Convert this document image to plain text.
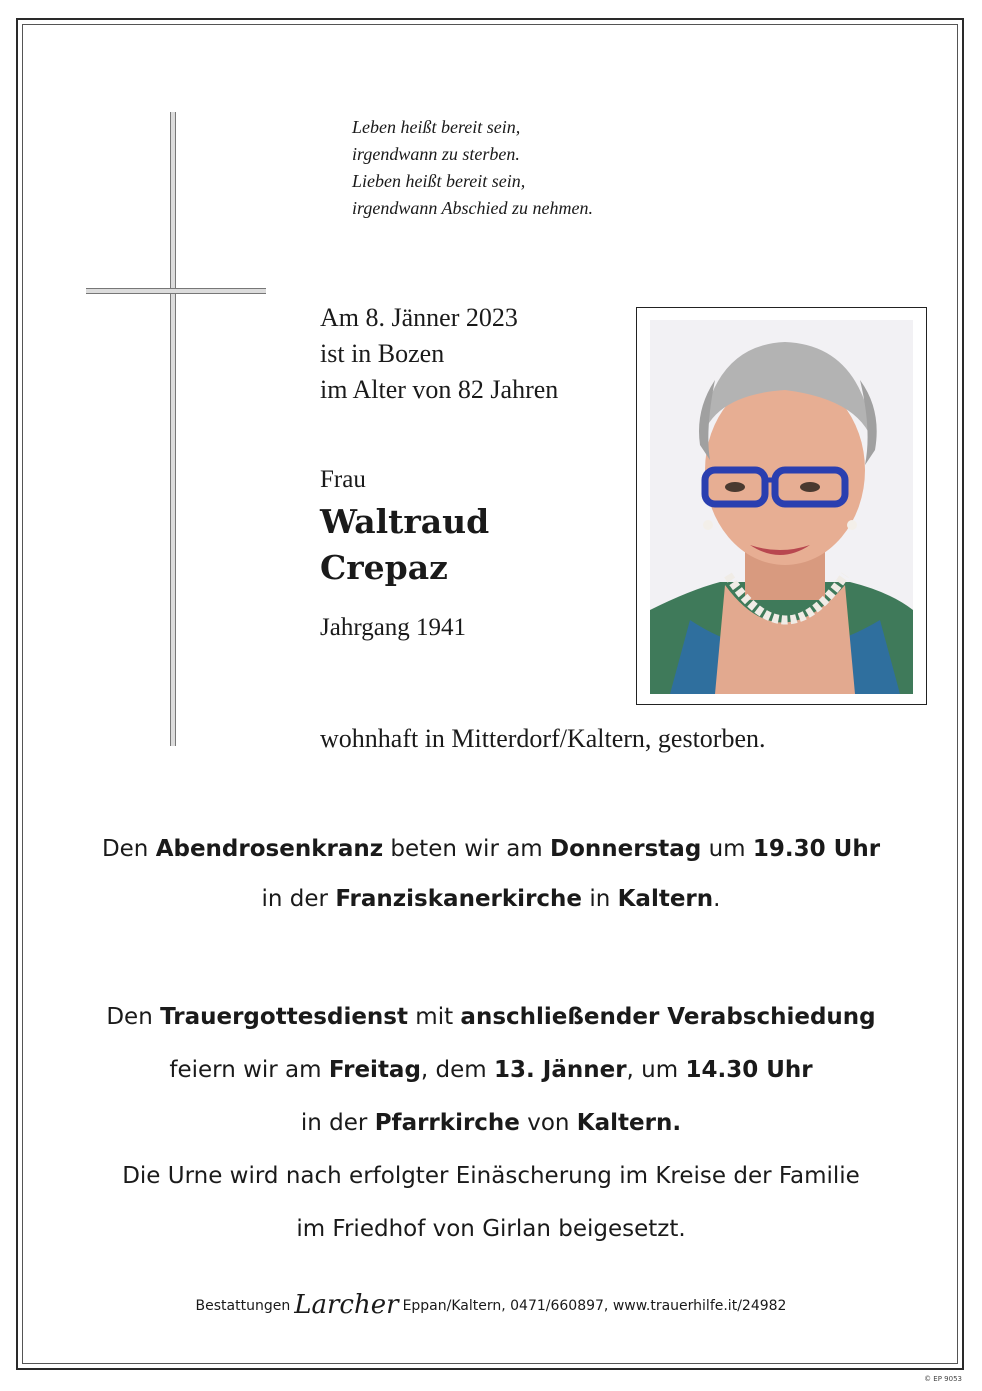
Leben heißt bereit sein,
irgendwann zu sterben.
Lieben heißt bereit sein,
irgendwann Abschied zu nehmen.
Am 8. Jänner 2023
ist in Bozen
im Alter von 82 Jahren
Frau
Waltraud
Crepaz
Jahrgang 1941
wohnhaft in Mitterdorf/Kaltern, gestorben.
Den Abendrosenkranz beten wir am Donnerstag um 19.30 Uhr
in der Franziskanerkirche in Kaltern.
Den Trauergottesdienst mit anschließender Verabschiedung
feiern wir am Freitag, dem 13. Jänner, um 14.30 Uhr
in der Pfarrkirche von Kaltern.
Die Urne wird nach erfolgter Einäscherung im Kreise der Familie
im Friedhof von Girlan beigesetzt.
Bestattungen Larcher Eppan/Kaltern, 0471/660897, www.trauerhilfe.it/24982
© EP 9053
